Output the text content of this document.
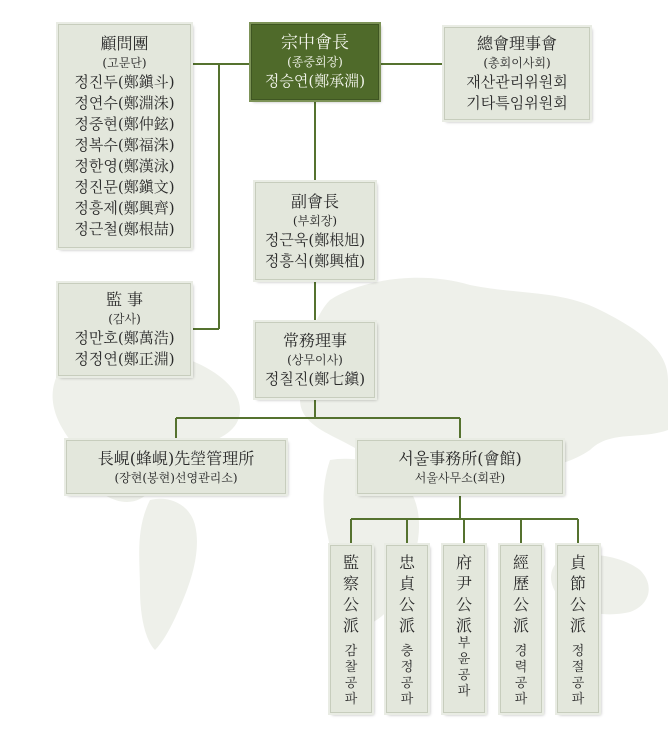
顧問團
(고문단)
정진두(鄭鎭斗)
정연수(鄭淵洙)
정중현(鄭仲鉉)
정복수(鄭福洙)
정한영(鄭漢泳)
정진문(鄭鎭文)
정흥제(鄭興齊)
정근철(鄭根喆)
宗中會長
(종중회장)
정승연(鄭承淵)
總會理事會
(총회이사회)
재산관리위원회
기타특임위원회
副會長
(부회장)
정근욱(鄭根旭)
정흥식(鄭興植)
監 事
(감사)
정만호(鄭萬浩)
정정연(鄭正淵)
常務理事
(상무이사)
정칠진(鄭七鎭)
長峴(蜂峴)先塋管理所
(장현(봉현)선영관리소)
서울事務所(會館)
서울사무소(회관)
監
察
公
派
감
찰
공
파
忠
貞
公
派
충
정
공
파
府
尹
公
派
부
윤
공
파
經
歷
公
派
경
력
공
파
貞
節
公
派
정
절
공
파
